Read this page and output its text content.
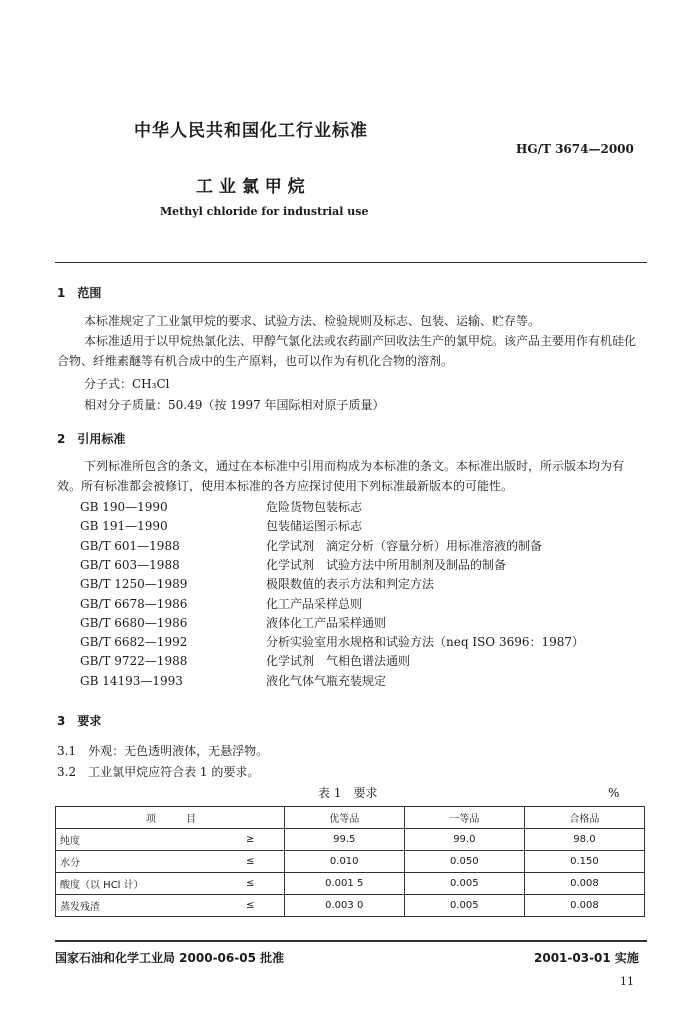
中华人民共和国化工行业标准
HG/T 3674—2000
工 业 氯 甲 烷
Methyl chloride for industrial use
1　范围
本标准规定了工业氯甲烷的要求、试验方法、检验规则及标志、包装、运输、贮存等。
本标准适用于以甲烷热氯化法、甲醇气氯化法或农药副产回收法生产的氯甲烷。该产品主要用作有机硅化合物、纤维素醚等有机合成中的生产原料，也可以作为有机化合物的溶剂。
分子式：CH₃Cl
相对分子质量：50.49（按 1997 年国际相对原子质量）
2　引用标准
下列标准所包含的条文，通过在本标准中引用而构成为本标准的条文。本标准出版时，所示版本均为有效。所有标准都会被修订，使用本标准的各方应探讨使用下列标准最新版本的可能性。
GB 190—1990	危险货物包装标志
GB 191—1990	包装储运图示标志
GB/T 601—1988	化学试剂　滴定分析（容量分析）用标准溶液的制备
GB/T 603—1988	化学试剂　试验方法中所用制剂及制品的制备
GB/T 1250—1989	极限数值的表示方法和判定方法
GB/T 6678—1986	化工产品采样总则
GB/T 6680—1986	液体化工产品采样通则
GB/T 6682—1992	分析实验室用水规格和试验方法（neq ISO 3696：1987）
GB/T 9722—1988	化学试剂　气相色谱法通则
GB 14193—1993	液化气体气瓶充装规定
3　要求
3.1　外观：无色透明液体，无悬浮物。
3.2　工业氯甲烷应符合表 1 的要求。
表 1　要求	%
项　　　目		优等品	一等品	合格品
纯度	≥	99.5	99.0	98.0
水分	≤	0.010	0.050	0.150
酸度（以 HCl 计）	≤	0.001 5	0.005	0.008
蒸发残渣	≤	0.003 0	0.005	0.008
国家石油和化学工业局 2000-06-05 批准	2001-03-01 实施
11
